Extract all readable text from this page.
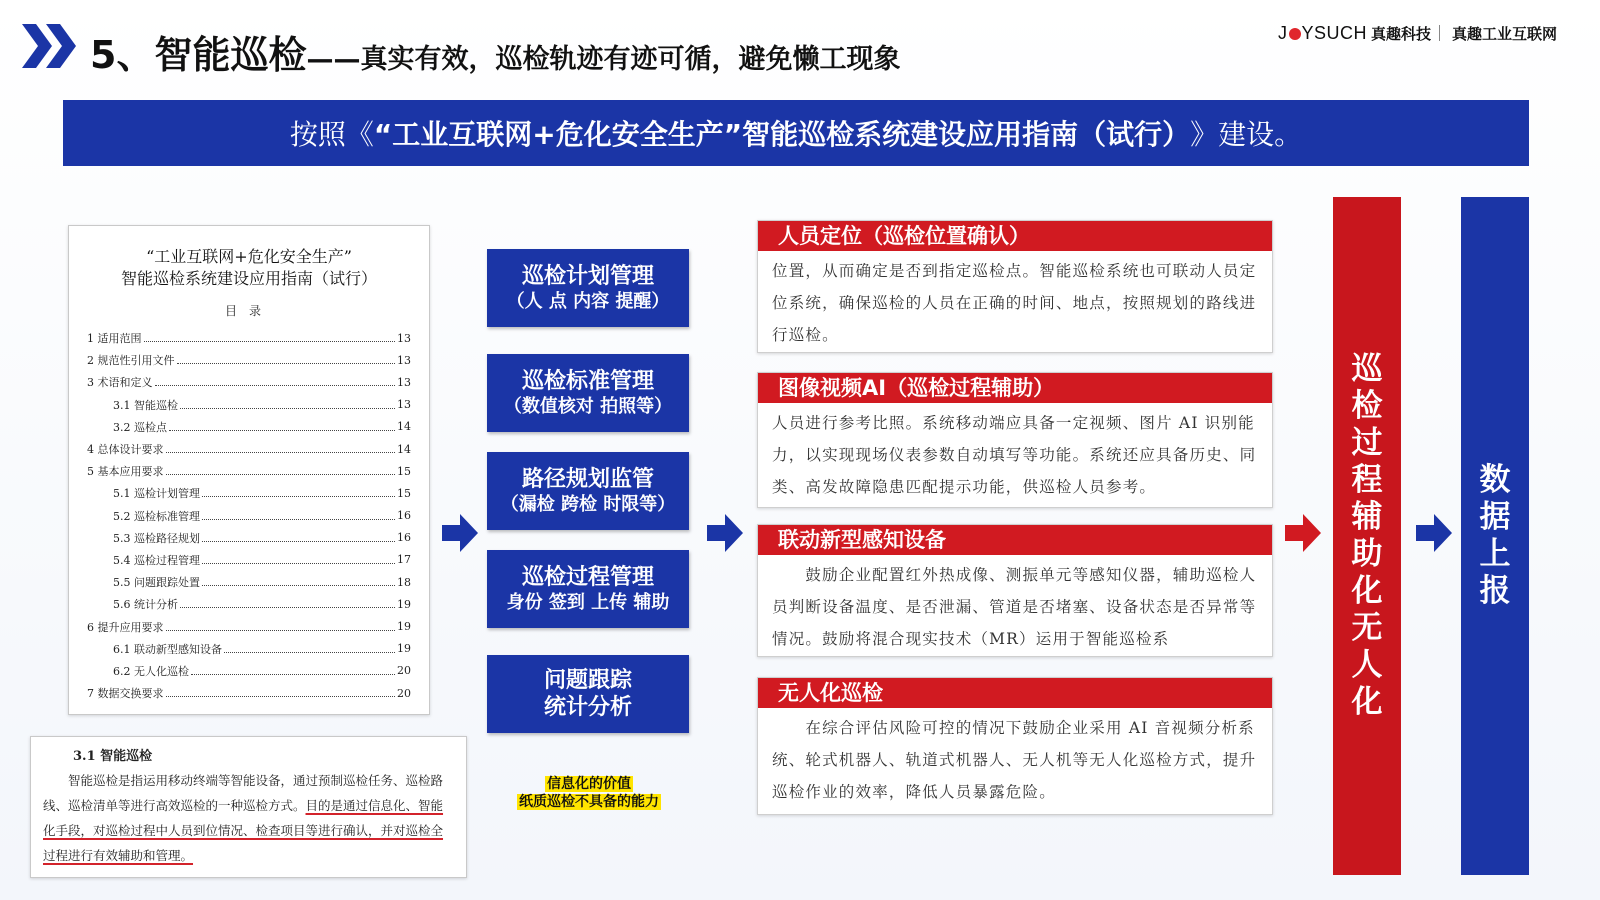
5、智能巡检 ——真实有效，巡检轨迹有迹可循，避免懒工现象
J YSUCH 真趣科技 真趣工业互联网
按照《 “工业互联网+危化安全生产”智能巡检系统建设应用指南（试行） 》建设。
“工业互联网+危化安全生产”
智能巡检系统建设应用指南（试行）
目录
1 适用范围	13
2 规范性引用文件	13
3 术语和定义	13
3.1 智能巡检	13
3.2 巡检点	14
4 总体设计要求	14
5 基本应用要求	15
5.1 巡检计划管理	15
5.2 巡检标准管理	16
5.3 巡检路径规划	16
5.4 巡检过程管理	17
5.5 问题跟踪处置	18
5.6 统计分析	19
6 提升应用要求	19
6.1 联动新型感知设备	19
6.2 无人化巡检	20
7 数据交换要求	20
3.1 智能巡检
智能巡检是指运用移动终端等智能设备，通过预制巡检任务、巡检路线、巡检清单等进行高效巡检的一种巡检方式。目的是通过信息化、智能化手段，对巡检过程中人员到位情况、检查项目等进行确认，并对巡检全过程进行有效辅助和管理。
巡检计划管理
（人 点 内容 提醒）
巡检标准管理
（数值核对 拍照等）
路径规划监管
（漏检 跨检 时限等）
巡检过程管理
身份 签到 上传 辅助
问题跟踪
统计分析
信息化的价值
纸质巡检不具备的能力
人员定位（巡检位置确认）
位置，从而确定是否到指定巡检点。智能巡检系统也可联动人员定位系统，确保巡检的人员在正确的时间、地点，按照规划的路线进行巡检。
图像视频AI（巡检过程辅助）
人员进行参考比照。系统移动端应具备一定视频、图片 AI 识别能力，以实现现场仪表参数自动填写等功能。系统还应具备历史、同类、高发故障隐患匹配提示功能，供巡检人员参考。
联动新型感知设备
　　鼓励企业配置红外热成像、测振单元等感知仪器，辅助巡检人员判断设备温度、是否泄漏、管道是否堵塞、设备状态是否异常等情况。鼓励将混合现实技术（MR）运用于智能巡检系
无人化巡检
　　在综合评估风险可控的情况下鼓励企业采用 AI 音视频分析系统、轮式机器人、轨道式机器人、无人机等无人化巡检方式，提升巡检作业的效率，降低人员暴露危险。
巡
检
过
程
辅
助
化
无
人
化
数
据
上
报
